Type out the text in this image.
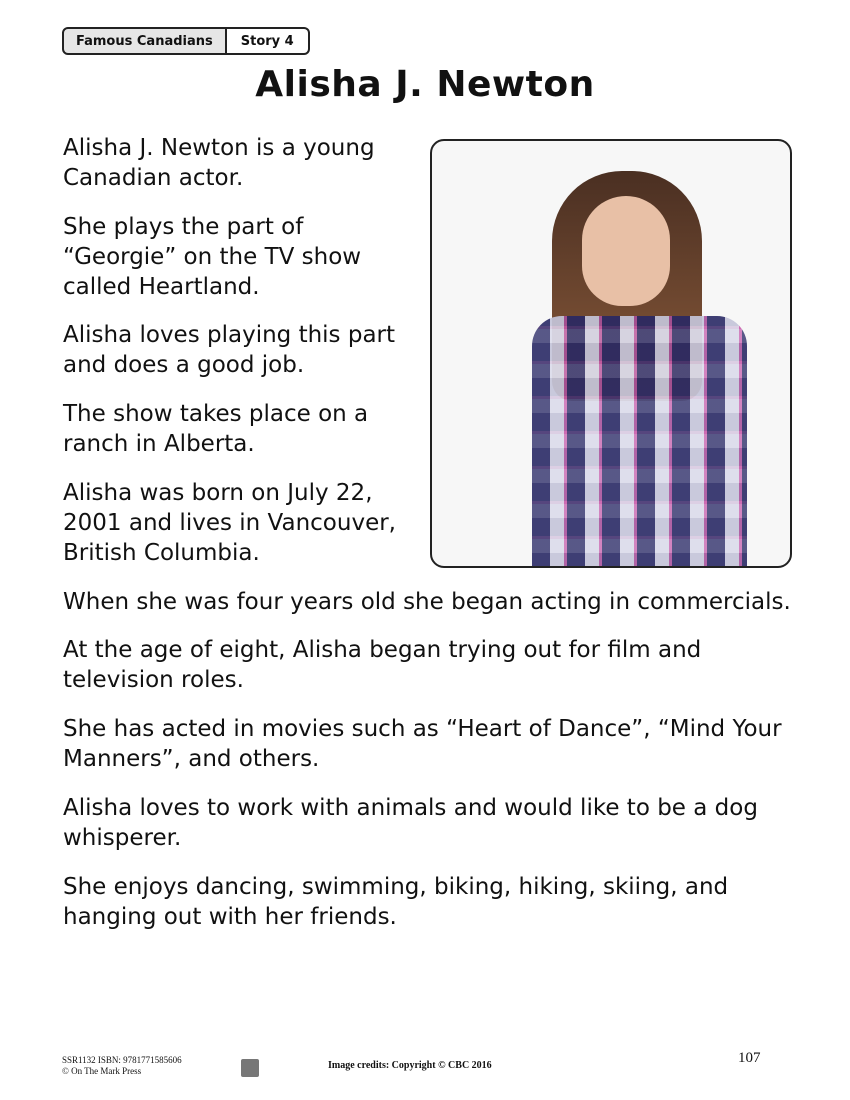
Famous Canadians	Story 4
Alisha J. Newton

Alisha J. Newton is a young
Canadian actor.

She plays the part of
“Georgie” on the TV show
called Heartland.

Alisha loves playing this part
and does a good job.

The show takes place on a
ranch in Alberta.

Alisha was born on July 22,
2001 and lives in Vancouver,
British Columbia.

When she was four years old she began acting in commercials.

At the age of eight, Alisha began trying out for film and
television roles.

She has acted in movies such as “Heart of Dance”, “Mind Your
Manners”, and others.

Alisha loves to work with animals and would like to be a dog
whisperer.

She enjoys dancing, swimming, biking, hiking, skiing, and
hanging out with her friends.

SSR1132 ISBN: 9781771585606
© On The Mark Press	Image credits: Copyright © CBC 2016	107
